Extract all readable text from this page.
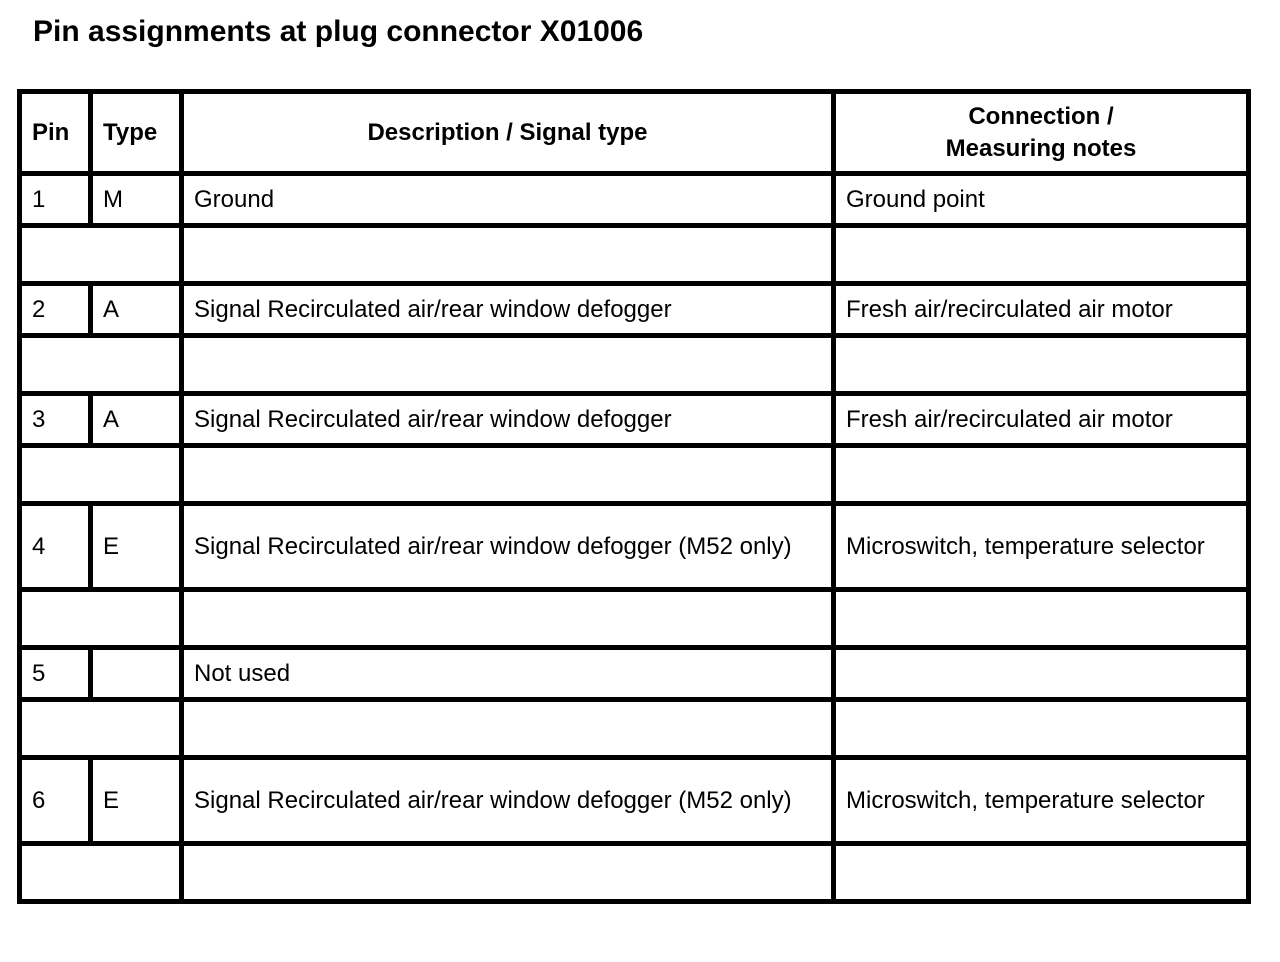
Pin assignments at plug connector X01006
Pin	Type	Description / Signal type	Connection /
Measuring notes
1	M	Ground	Ground point

2	A	Signal Recirculated air/rear window defogger	Fresh air/recirculated air motor

3	A	Signal Recirculated air/rear window defogger	Fresh air/recirculated air motor

4	E	Signal Recirculated air/rear window defogger (M52 only)	Microswitch, temperature selector

5		Not used	

6	E	Signal Recirculated air/rear window defogger (M52 only)	Microswitch, temperature selector
